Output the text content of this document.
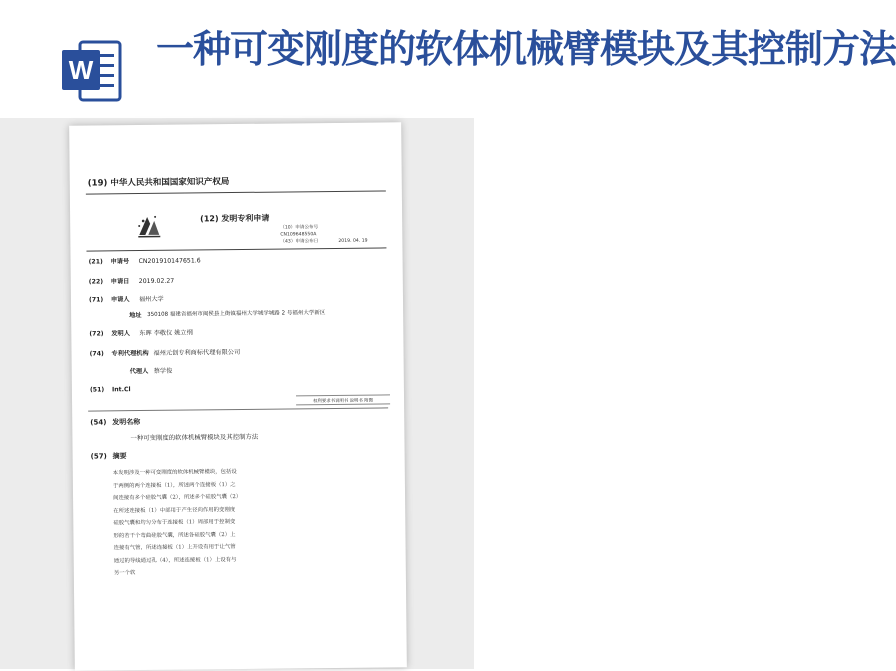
W 一种可变刚度的软体机械臂模块及其控制方法
(19) 中华人民共和国国家知识产权局
(12) 发明专利申请
（10）申请公布号
CN109648550A
（43）申请公布日	2019. 04. 19
(21) 申请号 CN201910147651.6
(22) 申请日 2019.02.27
(71) 申请人 福州大学
地址 350108 福建省福州市闽侯县上街镇福州大学城学城路 2 号福州大学新区
(72) 发明人 东晖 李敬仪 姚立纲
(74) 专利代理机构 福州元创专利商标代理有限公司
代理人 蔡学俊
(51) Int.Cl
权利要求书说明书 说明书 附图
(54) 发明名称
一种可变刚度的软体机械臂模块及其控制方法
(57) 摘要
本发明涉及一种可变刚度的软体机械臂模块，包括设于两侧的两个连接板（1），所述两个连接板（1）之间连接有多个硅胶气囊（2），所述多个硅胶气囊（2）在所述连接板（1）中部用于产生径向作用的变刚度硅胶气囊和均匀分布于连接板（1）周部用于控制变形的若干个弯曲硅胶气囊，所述各硅胶气囊（2）上连接有气管，所述连接板（1）上开设有用于让气管通过的导线通过孔（4），所述连接板（1）上设有与另一个软
